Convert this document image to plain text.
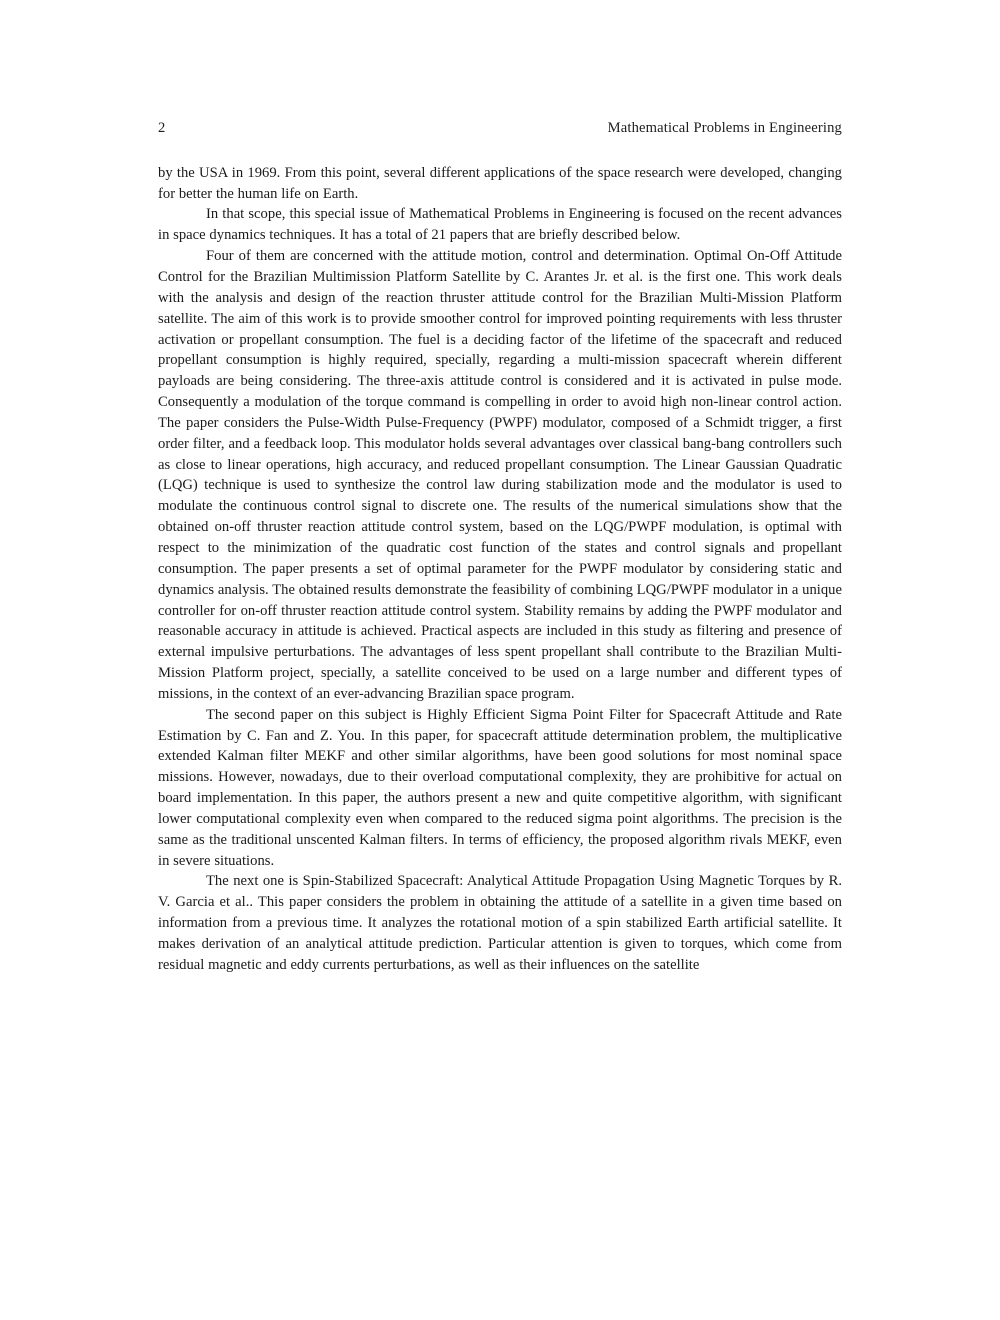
2	Mathematical Problems in Engineering

by the USA in 1969. From this point, several different applications of the space research were developed, changing for better the human life on Earth.

In that scope, this special issue of Mathematical Problems in Engineering is focused on the recent advances in space dynamics techniques. It has a total of 21 papers that are briefly described below.

Four of them are concerned with the attitude motion, control and determination. Optimal On-Off Attitude Control for the Brazilian Multimission Platform Satellite by C. Arantes Jr. et al. is the first one. This work deals with the analysis and design of the reaction thruster attitude control for the Brazilian Multi-Mission Platform satellite. The aim of this work is to provide smoother control for improved pointing requirements with less thruster activation or propellant consumption. The fuel is a deciding factor of the lifetime of the spacecraft and reduced propellant consumption is highly required, specially, regarding a multi-mission spacecraft wherein different payloads are being considering. The three-axis attitude control is considered and it is activated in pulse mode. Consequently a modulation of the torque command is compelling in order to avoid high non-linear control action. The paper considers the Pulse-Width Pulse-Frequency (PWPF) modulator, composed of a Schmidt trigger, a first order filter, and a feedback loop. This modulator holds several advantages over classical bang-bang controllers such as close to linear operations, high accuracy, and reduced propellant consumption. The Linear Gaussian Quadratic (LQG) technique is used to synthesize the control law during stabilization mode and the modulator is used to modulate the continuous control signal to discrete one. The results of the numerical simulations show that the obtained on-off thruster reaction attitude control system, based on the LQG/PWPF modulation, is optimal with respect to the minimization of the quadratic cost function of the states and control signals and propellant consumption. The paper presents a set of optimal parameter for the PWPF modulator by considering static and dynamics analysis. The obtained results demonstrate the feasibility of combining LQG/PWPF modulator in a unique controller for on-off thruster reaction attitude control system. Stability remains by adding the PWPF modulator and reasonable accuracy in attitude is achieved. Practical aspects are included in this study as filtering and presence of external impulsive perturbations. The advantages of less spent propellant shall contribute to the Brazilian Multi-Mission Platform project, specially, a satellite conceived to be used on a large number and different types of missions, in the context of an ever-advancing Brazilian space program.

The second paper on this subject is Highly Efficient Sigma Point Filter for Spacecraft Attitude and Rate Estimation by C. Fan and Z. You. In this paper, for spacecraft attitude determination problem, the multiplicative extended Kalman filter MEKF and other similar algorithms, have been good solutions for most nominal space missions. However, nowadays, due to their overload computational complexity, they are prohibitive for actual on board implementation. In this paper, the authors present a new and quite competitive algorithm, with significant lower computational complexity even when compared to the reduced sigma point algorithms. The precision is the same as the traditional unscented Kalman filters. In terms of efficiency, the proposed algorithm rivals MEKF, even in severe situations.

The next one is Spin-Stabilized Spacecraft: Analytical Attitude Propagation Using Magnetic Torques by R. V. Garcia et al.. This paper considers the problem in obtaining the attitude of a satellite in a given time based on information from a previous time. It analyzes the rotational motion of a spin stabilized Earth artificial satellite. It makes derivation of an analytical attitude prediction. Particular attention is given to torques, which come from residual magnetic and eddy currents perturbations, as well as their influences on the satellite
